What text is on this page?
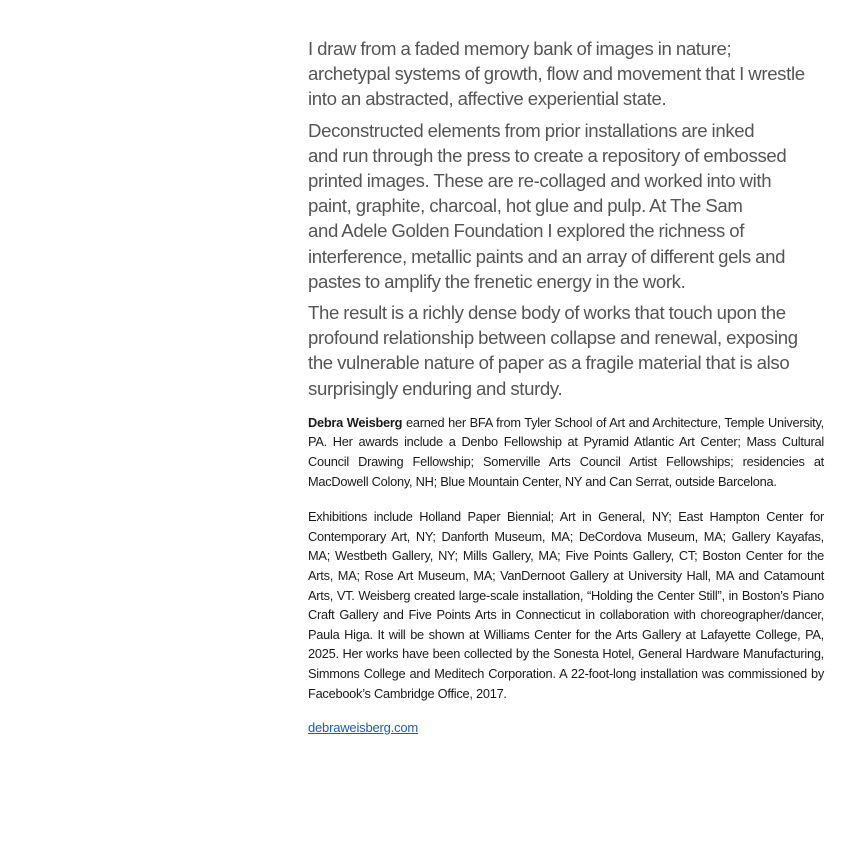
I draw from a faded memory bank of images in nature;
archetypal systems of growth, flow and movement that I wrestle
into an abstracted, affective experiential state.

Deconstructed elements from prior installations are inked
and run through the press to create a repository of embossed
printed images. These are re-collaged and worked into with
paint, graphite, charcoal, hot glue and pulp. At The Sam
and Adele Golden Foundation I explored the richness of
interference, metallic paints and an array of different gels and
pastes to amplify the frenetic energy in the work.

The result is a richly dense body of works that touch upon the
profound relationship between collapse and renewal, exposing
the vulnerable nature of paper as a fragile material that is also
surprisingly enduring and sturdy.

Debra Weisberg earned her BFA from Tyler School of Art and Architecture, Temple University, PA. Her awards include a Denbo Fellowship at Pyramid Atlantic Art Center; Mass Cultural Council Drawing Fellowship; Somerville Arts Council Artist Fellowships; residencies at MacDowell Colony, NH; Blue Mountain Center, NY and Can Serrat, outside Barcelona.

Exhibitions include Holland Paper Biennial; Art in General, NY; East Hampton Center for Contemporary Art, NY; Danforth Museum, MA; DeCordova Museum, MA; Gallery Kayafas, MA; Westbeth Gallery, NY; Mills Gallery, MA; Five Points Gallery, CT; Boston Center for the Arts, MA; Rose Art Museum, MA; VanDernoot Gallery at University Hall, MA and Catamount Arts, VT. Weisberg created large-scale installation, “Holding the Center Still”, in Boston’s Piano Craft Gallery and Five Points Arts in Connecticut in collaboration with choreographer/dancer, Paula Higa. It will be shown at Williams Center for the Arts Gallery at Lafayette College, PA, 2025. Her works have been collected by the Sonesta Hotel, General Hardware Manufacturing, Simmons College and Meditech Corporation. A 22-foot-long installation was commissioned by Facebook’s Cambridge Office, 2017.

debraweisberg.com
